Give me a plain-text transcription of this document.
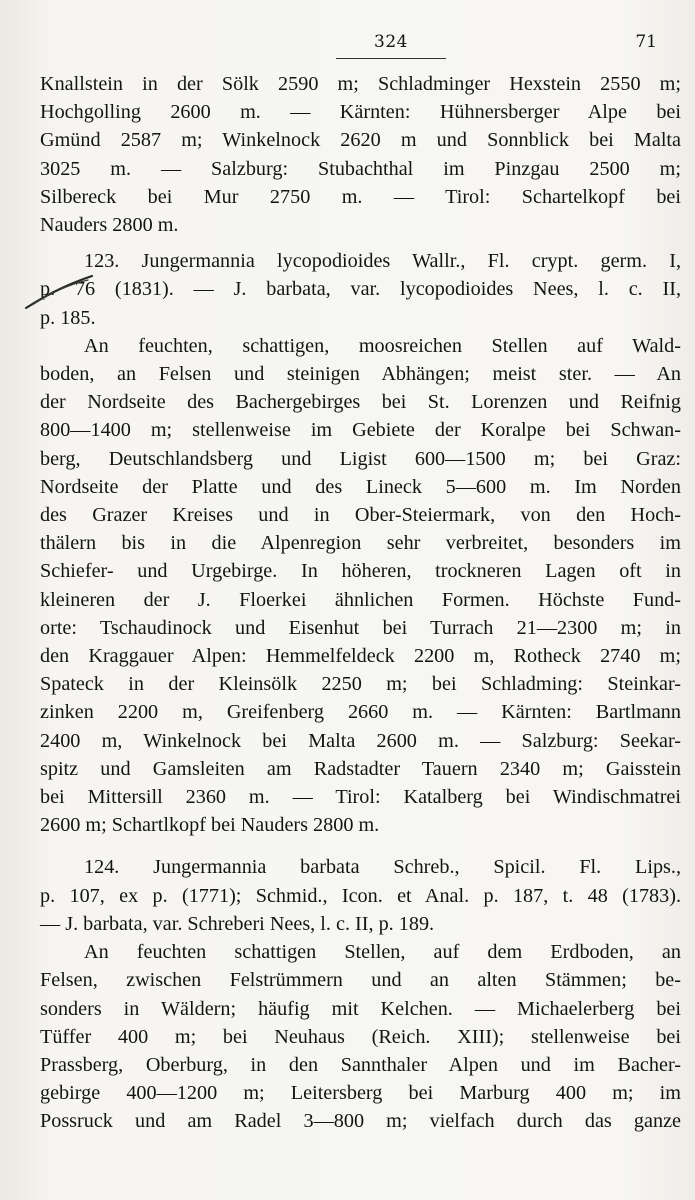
324	71
Knallstein in der Sölk 2590 m; Schladminger Hexstein 2550 m;
Hochgolling 2600 m. — Kärnten: Hühnersberger Alpe bei
Gmünd 2587 m; Winkelnock 2620 m und Sonnblick bei Malta
3025 m. — Salzburg: Stubachthal im Pinzgau 2500 m;
Silbereck bei Mur 2750 m. — Tirol: Schartelkopf bei
Nauders 2800 m.
123. Jungermannia lycopodioides Wallr., Fl. crypt. germ. I,
p. 76 (1831). — J. barbata, var. lycopodioides Nees, l. c. II,
p. 185.
An feuchten, schattigen, moosreichen Stellen auf Wald-
boden, an Felsen und steinigen Abhängen; meist ster. — An
der Nordseite des Bachergebirges bei St. Lorenzen und Reifnig
800—1400 m; stellenweise im Gebiete der Koralpe bei Schwan-
berg, Deutschlandsberg und Ligist 600—1500 m; bei Graz:
Nordseite der Platte und des Lineck 5—600 m. Im Norden
des Grazer Kreises und in Ober-Steiermark, von den Hoch-
thälern bis in die Alpenregion sehr verbreitet, besonders im
Schiefer- und Urgebirge. In höheren, trockneren Lagen oft in
kleineren der J. Floerkei ähnlichen Formen. Höchste Fund-
orte: Tschaudinock und Eisenhut bei Turrach 21—2300 m; in
den Kraggauer Alpen: Hemmelfeldeck 2200 m, Rotheck 2740 m;
Spateck in der Kleinsölk 2250 m; bei Schladming: Steinkar-
zinken 2200 m, Greifenberg 2660 m. — Kärnten: Bartlmann
2400 m, Winkelnock bei Malta 2600 m. — Salzburg: Seekar-
spitz und Gamsleiten am Radstadter Tauern 2340 m; Gaisstein
bei Mittersill 2360 m. — Tirol: Katalberg bei Windischmatrei
2600 m; Schartlkopf bei Nauders 2800 m.
124. Jungermannia barbata Schreb., Spicil. Fl. Lips.,
p. 107, ex p. (1771); Schmid., Icon. et Anal. p. 187, t. 48 (1783).
— J. barbata, var. Schreberi Nees, l. c. II, p. 189.
An feuchten schattigen Stellen, auf dem Erdboden, an
Felsen, zwischen Felstrümmern und an alten Stämmen; be-
sonders in Wäldern; häufig mit Kelchen. — Michaelerberg bei
Tüffer 400 m; bei Neuhaus (Reich. XIII); stellenweise bei
Prassberg, Oberburg, in den Sannthaler Alpen und im Bacher-
gebirge 400—1200 m; Leitersberg bei Marburg 400 m; im
Possruck und am Radel 3—800 m; vielfach durch das ganze
